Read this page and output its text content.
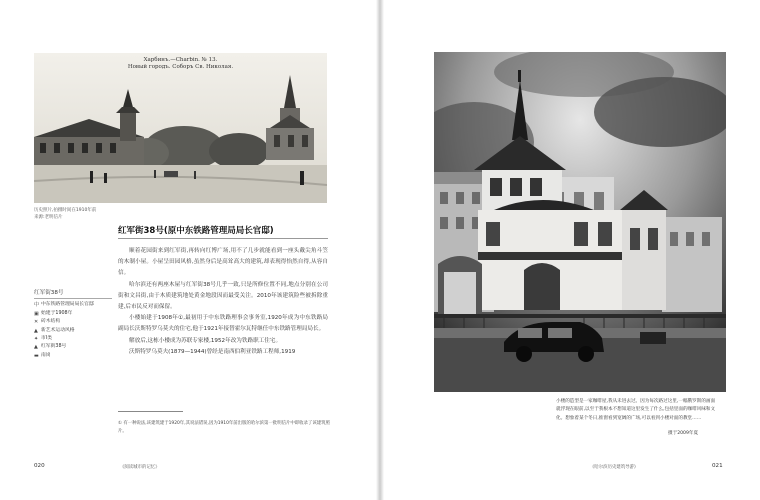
Харбинъ.—Charbin. № 13.
Новый городъ. Соборъ Св. Николая.
历史照片,拍摄时间在1910年前
来源:老明信片
红军街38号(原中东铁路管理局局长官邸)

顺着花园街来到红军街,再转向红博广场,用不了几步就能看到一座头戴尖角斗笠的木制小屋。小屋呈田园风格,虽然身后是高耸高大的建筑,却表现得怡然自得,从容自信。

哈尔滨还有两座木屋与红军街38号几乎一致,只是所修位置不同,地点分别在公司街和文昌街,由于木质建筑地处黄金地段因而最受关注。2010年该建筑险些被拆除重建,后市民反对而保留。

小楼始建于1908年①,最初用于中东铁路理事会事务室,1920年成为中东铁路局副局长沃斯特罗乌莫夫的住宅,他于1921年接替霍尔瓦特继任中东铁路管理局局长。

解放后,这栋小楼成为苏联专家楼,1952年改为铁路职工住宅。

沃斯特罗乌莫夫(1879—1944)曾经是南西伯利亚铁路工程师,1919

红军街38号
中 中东铁路管理局局长官邸
▣ 始建于1908年
✕ 砖木结构
▲ 新艺术运动风格
✦ 市Ⅰ类
▲ 红军街38号
▬ 南岗
① 有一种说法,该建筑建于1920年,其说法错误,因为1910年前出版的哈尔滨第一批明信片中即收录了该建筑照片。
020	《阅读城市的记忆》
小楼的造型是一家咖啡屋,我从未进去过。因为每次路过这里,一幅俄罗斯的画面就浮现在眼前,以至于我根本不想知道这里发生了什么,包括里面的咖啡风味和文化。想象着某个冬日,推窗看到宽阔的广场,可以看到小楼对面的教堂……
摄于2009年夏
021
《哈尔滨历史建筑导游》
